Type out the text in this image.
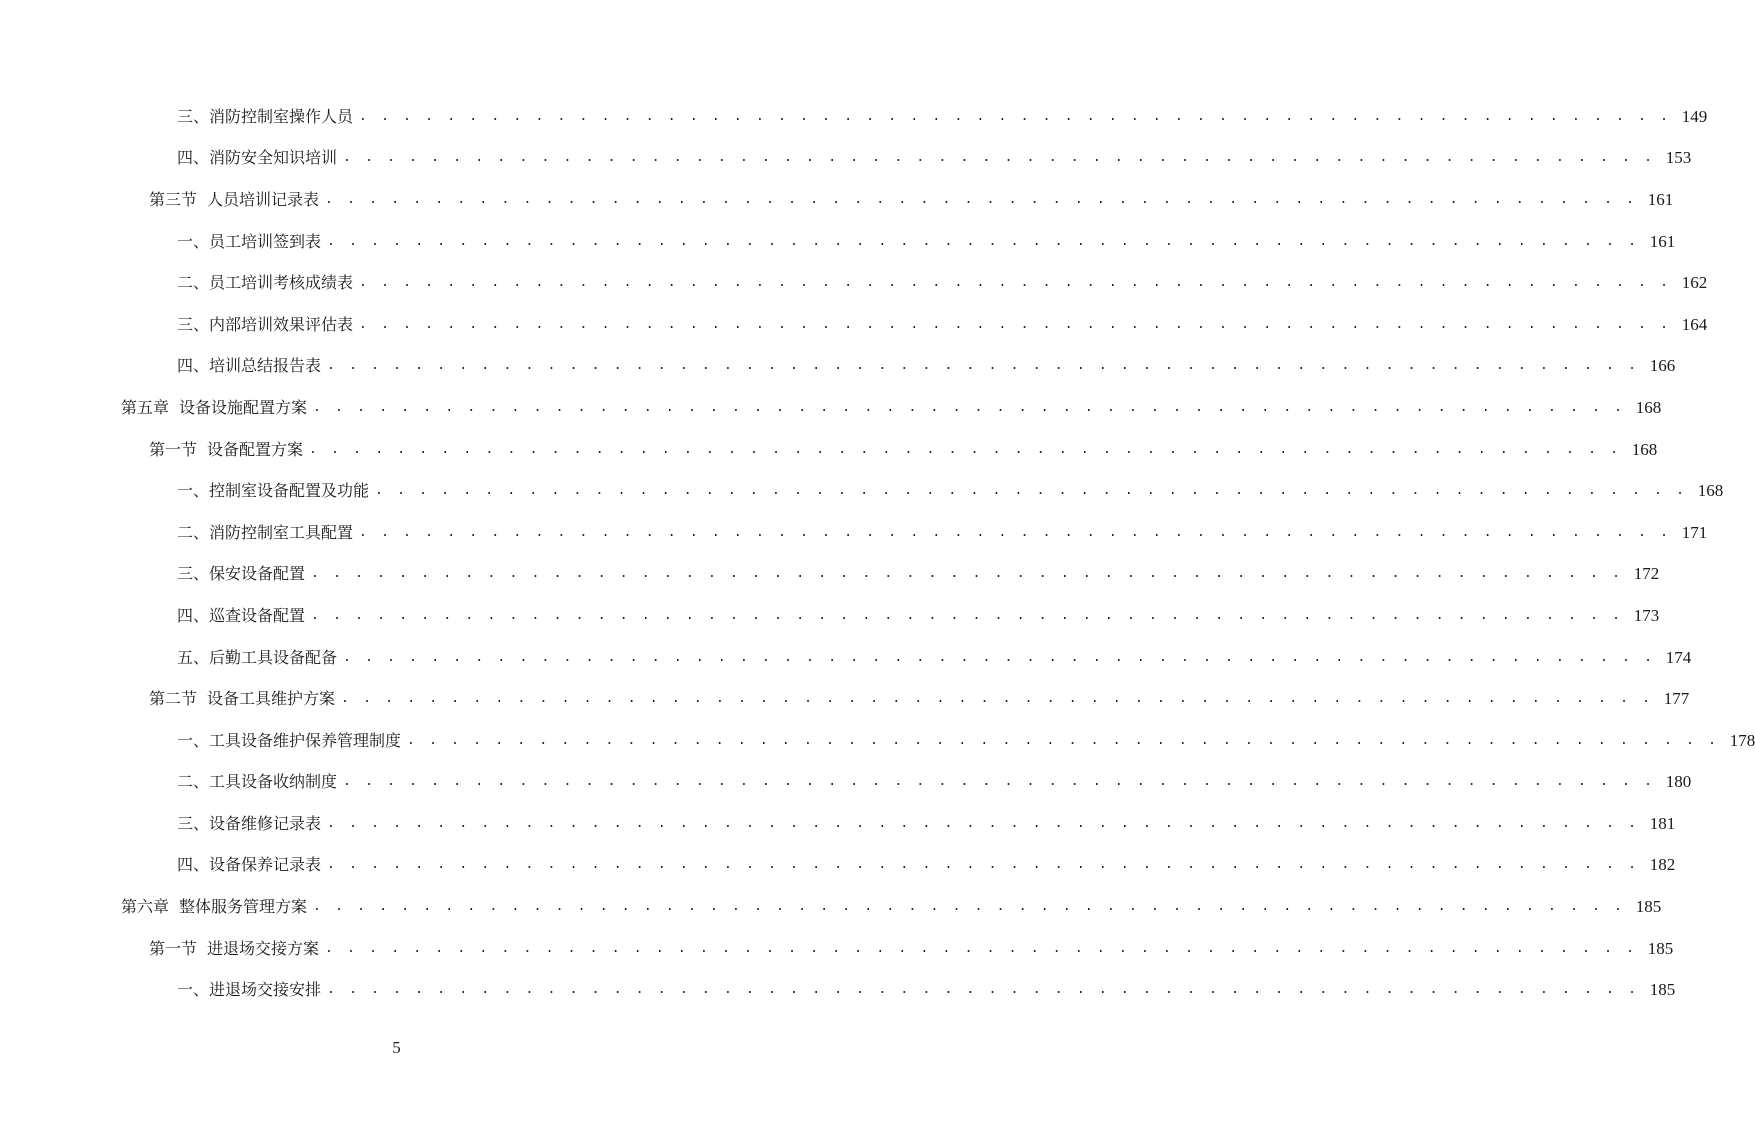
三、消防控制室操作人员 . . . . . . . . . . . . . . . . . . . . . . . . . . . . . . . . . . . . . . . . . . . . . . . . . . . . . . . . . . . . 149
四、消防安全知识培训 . . . . . . . . . . . . . . . . . . . . . . . . . . . . . . . . . . . . . . . . . . . . . . . . . . . . . . . . . . . . 153
第三节 人员培训记录表 . . . . . . . . . . . . . . . . . . . . . . . . . . . . . . . . . . . . . . . . . . . . . . . . . . . . . . . . . . . . 161
一、员工培训签到表 . . . . . . . . . . . . . . . . . . . . . . . . . . . . . . . . . . . . . . . . . . . . . . . . . . . . . . . . . . . . 161
二、员工培训考核成绩表 . . . . . . . . . . . . . . . . . . . . . . . . . . . . . . . . . . . . . . . . . . . . . . . . . . . . . . . . . . . . 162
三、内部培训效果评估表 . . . . . . . . . . . . . . . . . . . . . . . . . . . . . . . . . . . . . . . . . . . . . . . . . . . . . . . . . . . . 164
四、培训总结报告表 . . . . . . . . . . . . . . . . . . . . . . . . . . . . . . . . . . . . . . . . . . . . . . . . . . . . . . . . . . . . 166
第五章 设备设施配置方案 . . . . . . . . . . . . . . . . . . . . . . . . . . . . . . . . . . . . . . . . . . . . . . . . . . . . . . . . . . . . 168
第一节 设备配置方案 . . . . . . . . . . . . . . . . . . . . . . . . . . . . . . . . . . . . . . . . . . . . . . . . . . . . . . . . . . . . 168
一、控制室设备配置及功能 . . . . . . . . . . . . . . . . . . . . . . . . . . . . . . . . . . . . . . . . . . . . . . . . . . . . . . . . . . . . 168
二、消防控制室工具配置 . . . . . . . . . . . . . . . . . . . . . . . . . . . . . . . . . . . . . . . . . . . . . . . . . . . . . . . . . . . . 171
三、保安设备配置 . . . . . . . . . . . . . . . . . . . . . . . . . . . . . . . . . . . . . . . . . . . . . . . . . . . . . . . . . . . . 172
四、巡查设备配置 . . . . . . . . . . . . . . . . . . . . . . . . . . . . . . . . . . . . . . . . . . . . . . . . . . . . . . . . . . . . 173
五、后勤工具设备配备 . . . . . . . . . . . . . . . . . . . . . . . . . . . . . . . . . . . . . . . . . . . . . . . . . . . . . . . . . . . . 174
第二节 设备工具维护方案 . . . . . . . . . . . . . . . . . . . . . . . . . . . . . . . . . . . . . . . . . . . . . . . . . . . . . . . . . . . . 177
一、工具设备维护保养管理制度 . . . . . . . . . . . . . . . . . . . . . . . . . . . . . . . . . . . . . . . . . . . . . . . . . . . . . . . . . . . . 178
二、工具设备收纳制度 . . . . . . . . . . . . . . . . . . . . . . . . . . . . . . . . . . . . . . . . . . . . . . . . . . . . . . . . . . . . 180
三、设备维修记录表 . . . . . . . . . . . . . . . . . . . . . . . . . . . . . . . . . . . . . . . . . . . . . . . . . . . . . . . . . . . . 181
四、设备保养记录表 . . . . . . . . . . . . . . . . . . . . . . . . . . . . . . . . . . . . . . . . . . . . . . . . . . . . . . . . . . . . 182
第六章 整体服务管理方案 . . . . . . . . . . . . . . . . . . . . . . . . . . . . . . . . . . . . . . . . . . . . . . . . . . . . . . . . . . . . 185
第一节 进退场交接方案 . . . . . . . . . . . . . . . . . . . . . . . . . . . . . . . . . . . . . . . . . . . . . . . . . . . . . . . . . . . . 185
一、进退场交接安排 . . . . . . . . . . . . . . . . . . . . . . . . . . . . . . . . . . . . . . . . . . . . . . . . . . . . . . . . . . . . 185
5
